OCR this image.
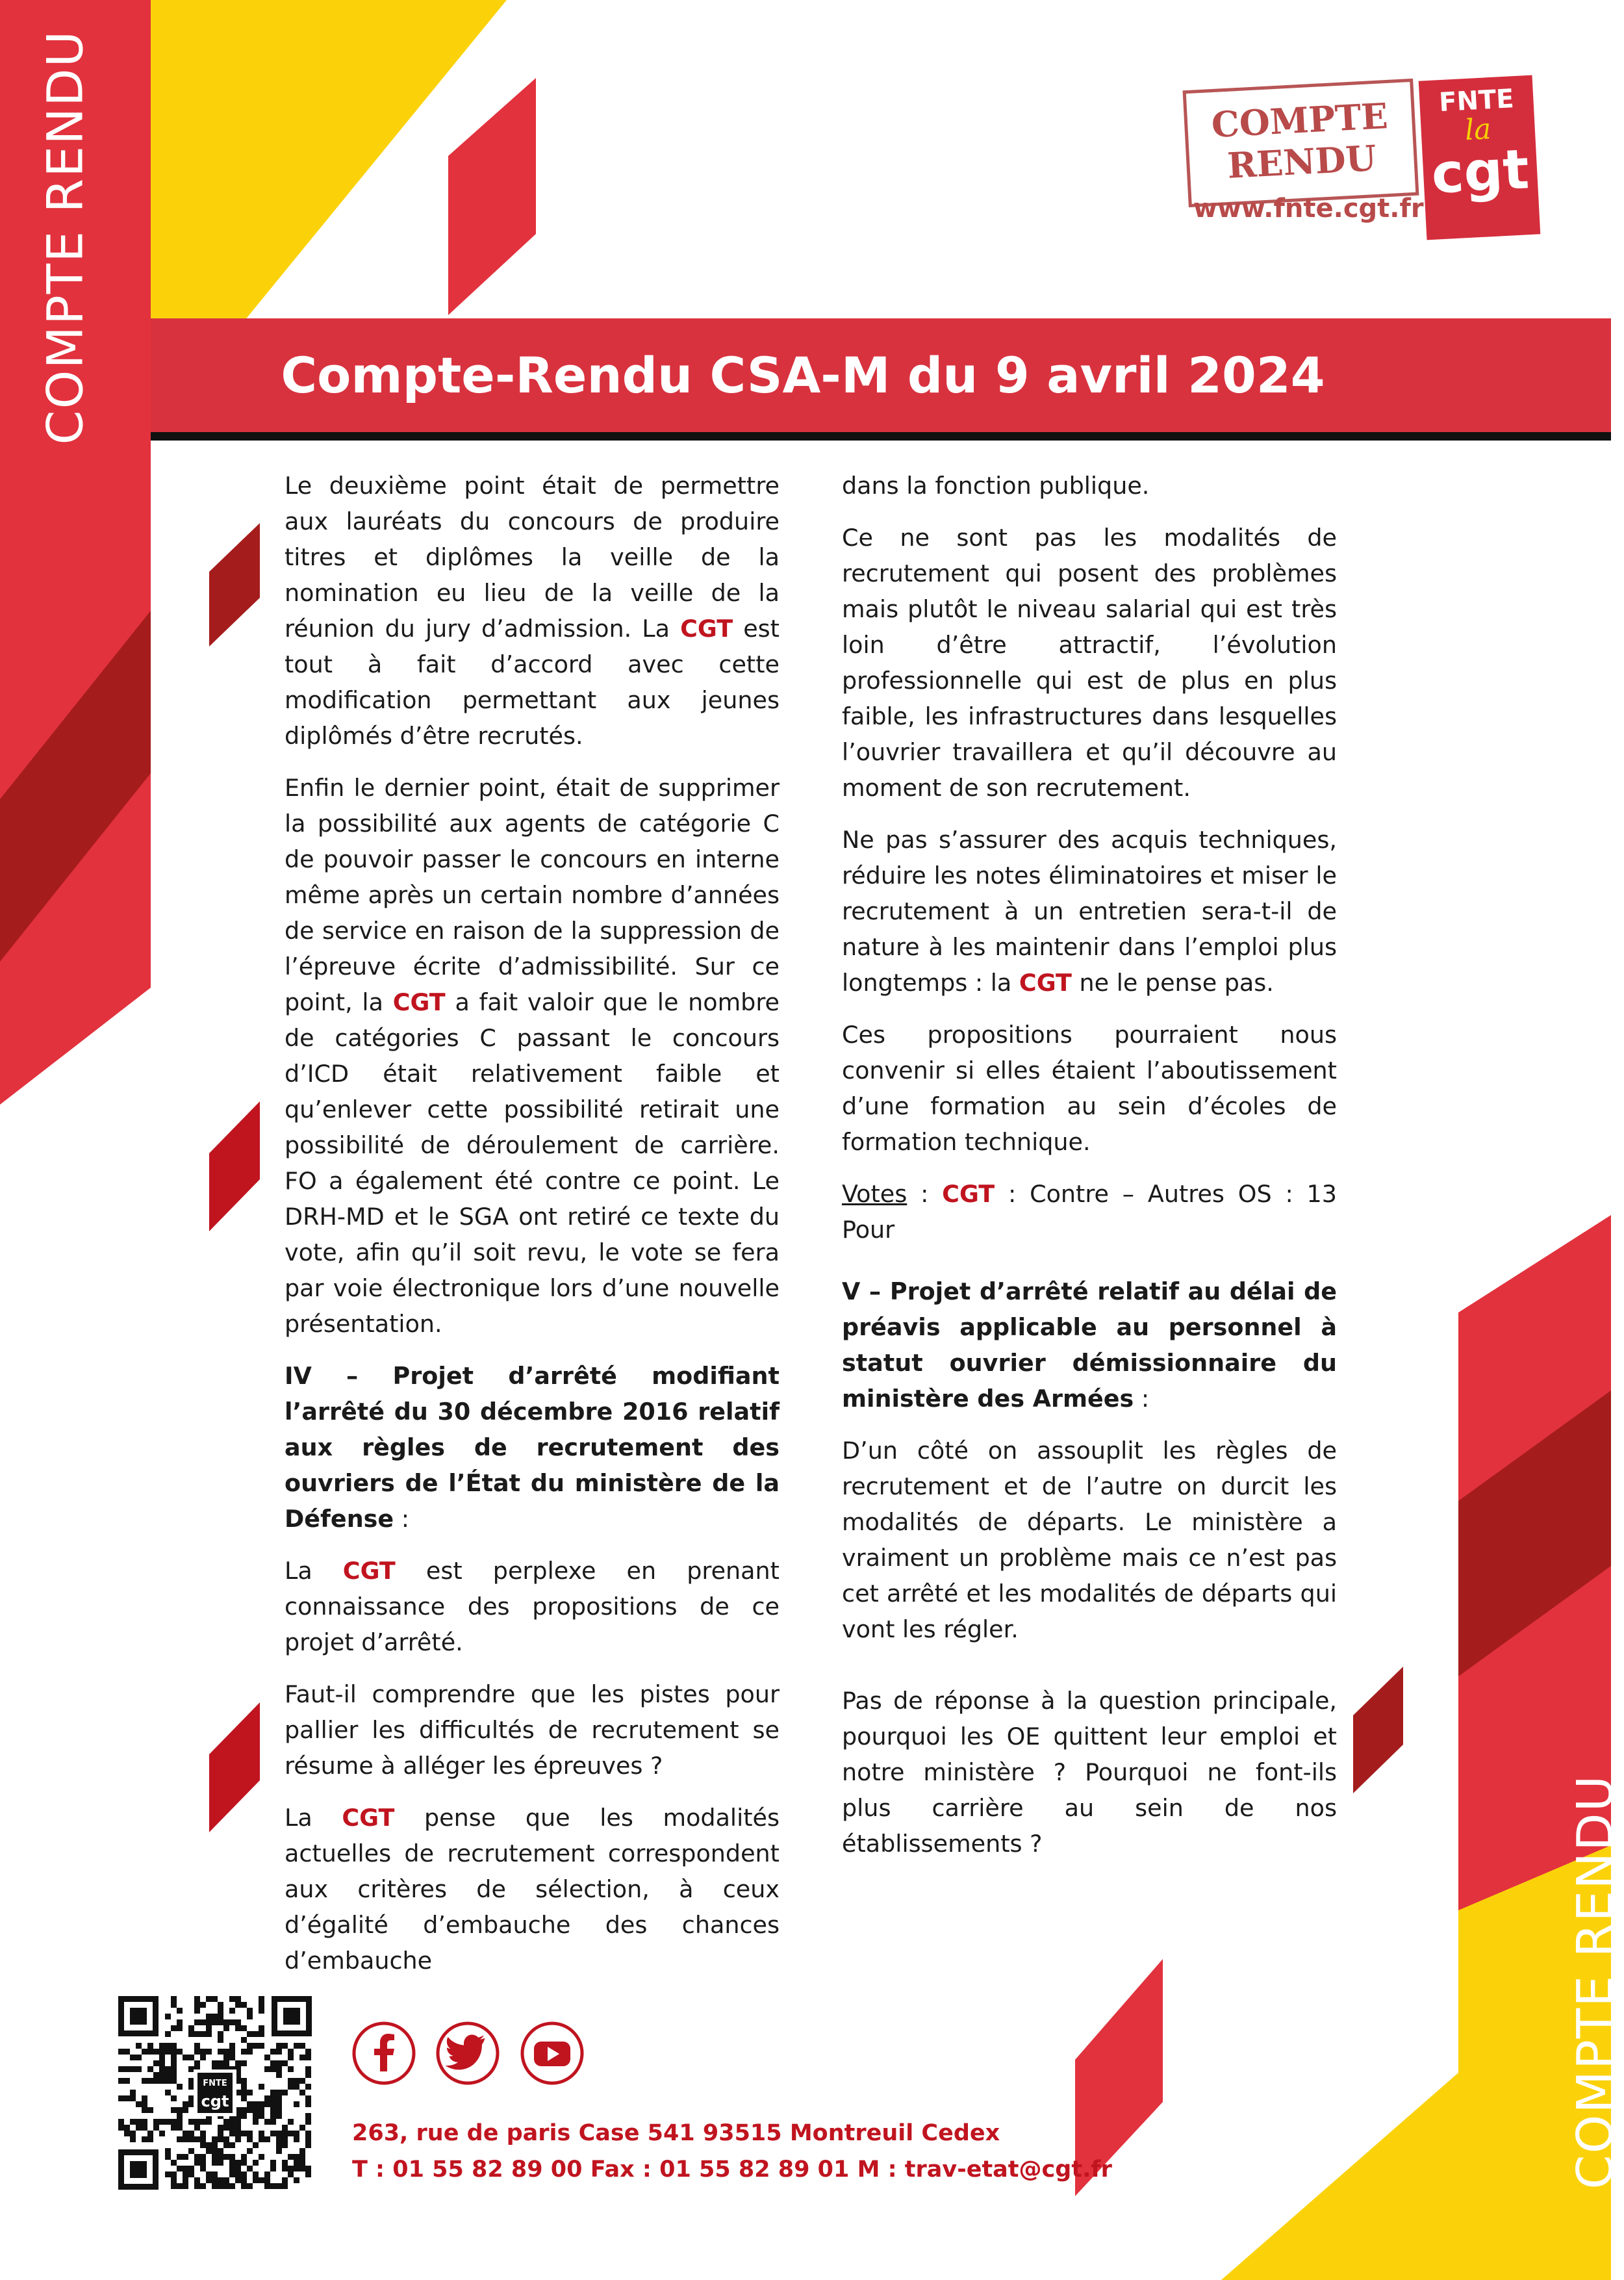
COMPTE RENDU
COMPTE RENDU
COMPTE
RENDU
www.fnte.cgt.fr
FNTE
la
cgt
Compte-Rendu CSA-M du 9 avril 2024

Le deuxième point était de permettre aux lauréats du concours de produire titres et diplômes la veille de la nomination eu lieu de la veille de la réunion du jury d’admission. La CGT est tout à fait d’accord avec cette modification permettant aux jeunes diplômés d’être recrutés.

Enfin le dernier point, était de supprimer la possibilité aux agents de catégorie C de pouvoir passer le concours en interne même après un certain nombre d’années de service en raison de la suppression de l’épreuve écrite d’admissibilité. Sur ce point, la CGT a fait valoir que le nombre de catégories C passant le concours d’ICD était relativement faible et qu’enlever cette possibilité retirait une possibilité de déroulement de carrière. FO a également été contre ce point. Le DRH-MD et le SGA ont retiré ce texte du vote, afin qu’il soit revu, le vote se fera par voie électronique lors d’une nouvelle présentation.

IV – Projet d’arrêté modifiant l’arrêté du 30 décembre 2016 relatif aux règles de recrutement des ouvriers de l’État du ministère de la Défense :

La CGT est perplexe en prenant connaissance des propositions de ce projet d’arrêté.

Faut-il comprendre que les pistes pour pallier les difficultés de recrutement se résume à alléger les épreuves ?

La CGT pense que les modalités actuelles de recrutement correspondent aux critères de sélection, à ceux d’égalité d’embauche des chances d’embauche

dans la fonction publique.

Ce ne sont pas les modalités de recrutement qui posent des problèmes mais plutôt le niveau salarial qui est très loin d’être attractif, l’évolution professionnelle qui est de plus en plus faible, les infrastructures dans lesquelles l’ouvrier travaillera et qu’il découvre au moment de son recrutement.

Ne pas s’assurer des acquis techniques, réduire les notes éliminatoires et miser le recrutement à un entretien sera-t-il de nature à les maintenir dans l’emploi plus longtemps : la CGT ne le pense pas.

Ces propositions pourraient nous convenir si elles étaient l’aboutissement d’une formation au sein d’écoles de formation technique.

Votes : CGT : Contre – Autres OS : 13 Pour

V – Projet d’arrêté relatif au délai de préavis applicable au personnel à statut ouvrier démissionnaire du ministère des Armées :

D’un côté on assouplit les règles de recrutement et de l’autre on durcit les modalités de départs. Le ministère a vraiment un problème mais ce n’est pas cet arrêté et les modalités de départs qui vont les régler.

Pas de réponse à la question principale, pourquoi les OE quittent leur emploi et notre ministère ? Pourquoi ne font-ils plus carrière au sein de nos établissements ?

FNTE
cgt
263, rue de paris Case 541 93515 Montreuil Cedex
T : 01 55 82 89 00 Fax : 01 55 82 89 01 M : trav-etat@cgt.fr
